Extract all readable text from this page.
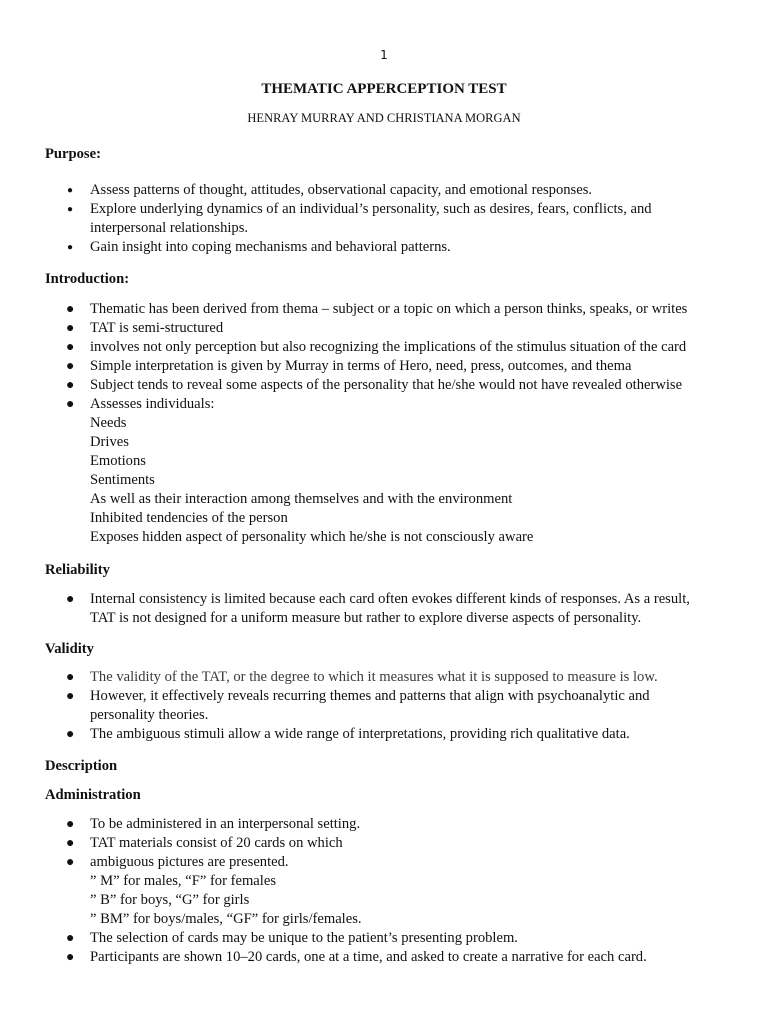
1
THEMATIC APPERCEPTION TEST
HENRAY MURRAY AND CHRISTIANA MORGAN
Purpose:
● Assess patterns of thought, attitudes, observational capacity, and emotional responses.
● Explore underlying dynamics of an individual’s personality, such as desires, fears, conflicts, and interpersonal relationships.
● Gain insight into coping mechanisms and behavioral patterns.
Introduction:
● Thematic has been derived from thema – subject or a topic on which a person thinks, speaks, or writes
● TAT is semi-structured
● involves not only perception but also recognizing the implications of the stimulus situation of the card
● Simple interpretation is given by Murray in terms of Hero, need, press, outcomes, and thema
● Subject tends to reveal some aspects of the personality that he/she would not have revealed otherwise
● Assesses individuals:
Needs
Drives
Emotions
Sentiments
As well as their interaction among themselves and with the environment
Inhibited tendencies of the person
Exposes hidden aspect of personality which he/she is not consciously aware
Reliability
● Internal consistency is limited because each card often evokes different kinds of responses. As a result, TAT is not designed for a uniform measure but rather to explore diverse aspects of personality.
Validity
● The validity of the TAT, or the degree to which it measures what it is supposed to measure is low.
● However, it effectively reveals recurring themes and patterns that align with psychoanalytic and personality theories.
● The ambiguous stimuli allow a wide range of interpretations, providing rich qualitative data.
Description
Administration
● To be administered in an interpersonal setting.
● TAT materials consist of 20 cards on which
● ambiguous pictures are presented.
” M” for males, “F” for females
” B” for boys, “G” for girls
” BM” for boys/males, “GF” for girls/females.
● The selection of cards may be unique to the patient’s presenting problem.
● Participants are shown 10–20 cards, one at a time, and asked to create a narrative for each card.
